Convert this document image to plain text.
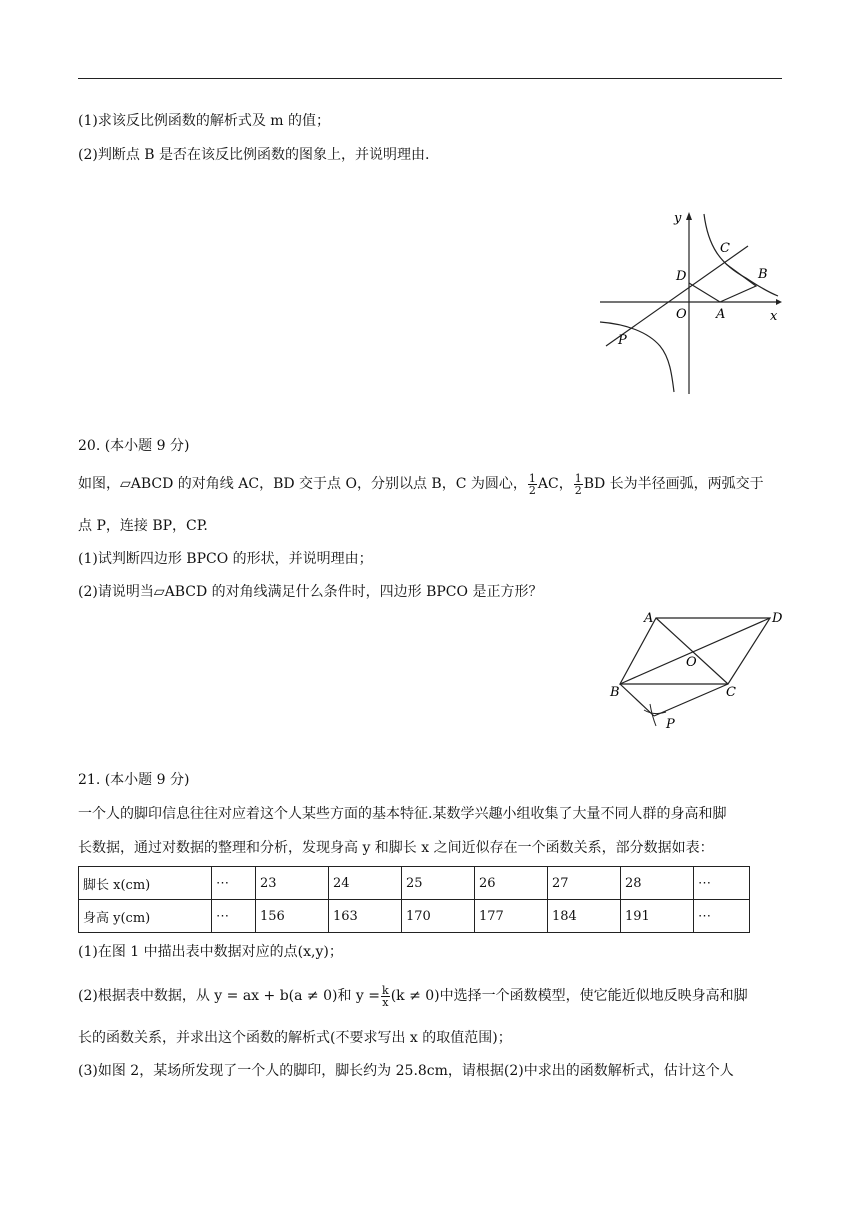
(1)求该反比例函数的解析式及 m 的值；
(2)判断点 B 是否在该反比例函数的图象上，并说明理由.
y
x
O A
B
C
D
P
20. (本小题 9 分)
如图，▱ABCD 的对角线 AC，BD 交于点 O，分别以点 B，C 为圆心， $\frac{1}{2}$ AC， $\frac{1}{2}$ BD 长为半径画弧，两弧交于
点 P，连接 BP，CP.
(1)试判断四边形 BPCO 的形状，并说明理由；
(2)请说明当▱ABCD 的对角线满足什么条件时，四边形 BPCO 是正方形？
A	D
O
B	C
P
21. (本小题 9 分)
一个人的脚印信息往往对应着这个人某些方面的基本特征.某数学兴趣小组收集了大量不同人群的身高和脚
长数据，通过对数据的整理和分析，发现身高 y 和脚长 x 之间近似存在一个函数关系，部分数据如表：
脚长 x(cm)	⋯	23	24	25	26	27	28	⋯
身高 y(cm)	⋯	156	163	170	177	184	191	⋯
(1)在图 1 中描出表中数据对应的点(x,y)；
(2)根据表中数据，从 y = ax + b(a ≠ 0)和 $y = \frac{k}{x} (k \ne 0)$中选择一个函数模型，使它能近似地反映身高和脚
长的函数关系，并求出这个函数的解析式(不要求写出 x 的取值范围)；
(3)如图 2，某场所发现了一个人的脚印，脚长约为 25.8cm，请根据(2)中求出的函数解析式，估计这个人
